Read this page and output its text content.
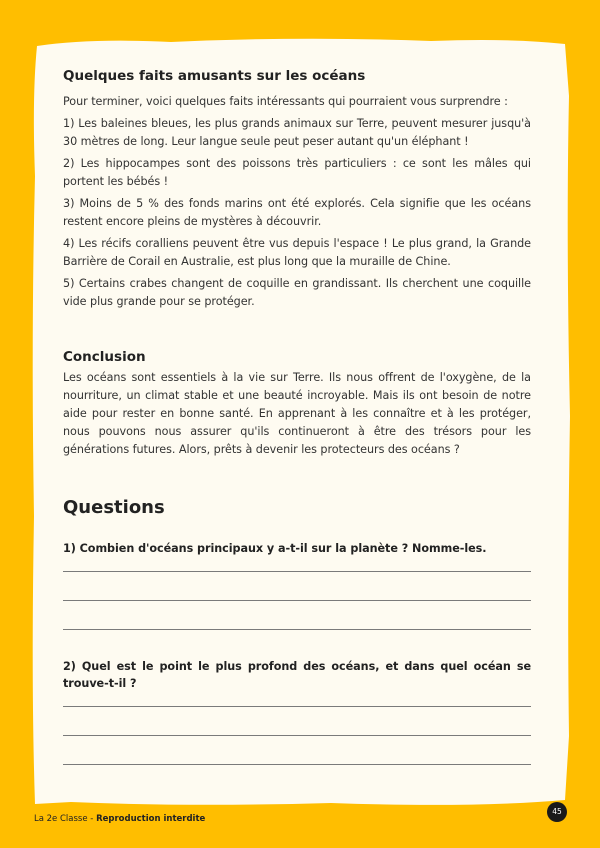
Quelques faits amusants sur les océans

Pour terminer, voici quelques faits intéressants qui pourraient vous surprendre :

1) Les baleines bleues, les plus grands animaux sur Terre, peuvent mesurer jusqu'à 30 mètres de long. Leur langue seule peut peser autant qu'un éléphant !

2) Les hippocampes sont des poissons très particuliers : ce sont les mâles qui portent les bébés !

3) Moins de 5 % des fonds marins ont été explorés. Cela signifie que les océans restent encore pleins de mystères à découvrir.

4) Les récifs coralliens peuvent être vus depuis l'espace ! Le plus grand, la Grande Barrière de Corail en Australie, est plus long que la muraille de Chine.

5) Certains crabes changent de coquille en grandissant. Ils cherchent une coquille vide plus grande pour se protéger.

Conclusion

Les océans sont essentiels à la vie sur Terre. Ils nous offrent de l'oxygène, de la nourriture, un climat stable et une beauté incroyable. Mais ils ont besoin de notre aide pour rester en bonne santé. En apprenant à les connaître et à les protéger, nous pouvons nous assurer qu'ils continueront à être des trésors pour les générations futures. Alors, prêts à devenir les protecteurs des océans ?

Questions

1) Combien d'océans principaux y a-t-il sur la planète ? Nomme-les.

2) Quel est le point le plus profond des océans, et dans quel océan se trouve-t-il ?

La 2e Classe - Reproduction interdite
45
